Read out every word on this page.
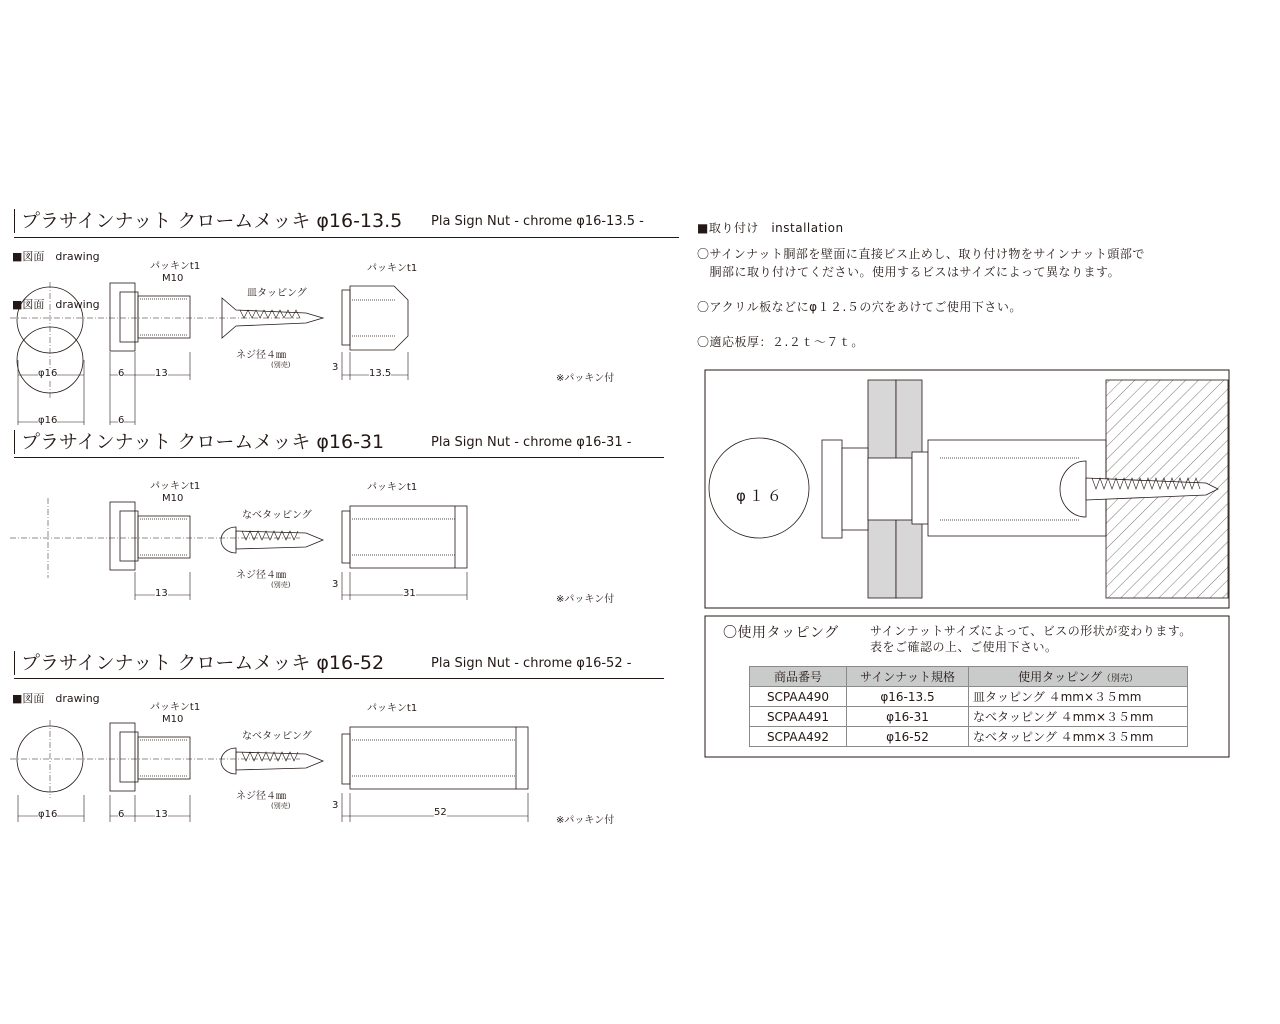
プラサインナット クロームメッキ φ16-13.5 Pla Sign Nut - chrome φ16-13.5 -
■図面　drawing
■図面　drawing
パッキンt1
M10
皿タッピング
ネジ径４㎜
(別売)
パッキンt1
φ16	6	13
3
13.5	※パッキン付
φ16	6
プラサインナット クロームメッキ φ16-31	Pla Sign Nut - chrome φ16-31 -
パッキンt1
M10
なべタッピング
ネジ径４㎜
(別売)
パッキンt1
13
3
31
※パッキン付
プラサインナット クロームメッキ φ16-52	Pla Sign Nut - chrome φ16-52 -
■図面　drawing
パッキンt1
M10
なべタッピング
ネジ径４㎜
(別売)
パッキンt1
φ16	6	13
3
52
※パッキン付
■取り付け　installation
〇サインナット胴部を壁面に直接ビス止めし、取り付け物をサインナット頭部で
　胴部に取り付けてください。使用するビスはサイズによって異なります。
〇アクリル板などにφ１２.５の穴をあけてご使用下さい。
〇適応板厚：２.２ｔ～７ｔ。
φ１６
〇使用タッピング	サインナットサイズによって、ビスの形状が変わります。
表をご確認の上、ご使用下さい。
商品番号	サインナット規格	使用タッピング（別売）
SCPAA490	φ16-13.5	皿タッピング ４mm×３５mm
SCPAA491	φ16-31	なべタッピング ４mm×３５mm
SCPAA492	φ16-52	なべタッピング ４mm×３５mm
